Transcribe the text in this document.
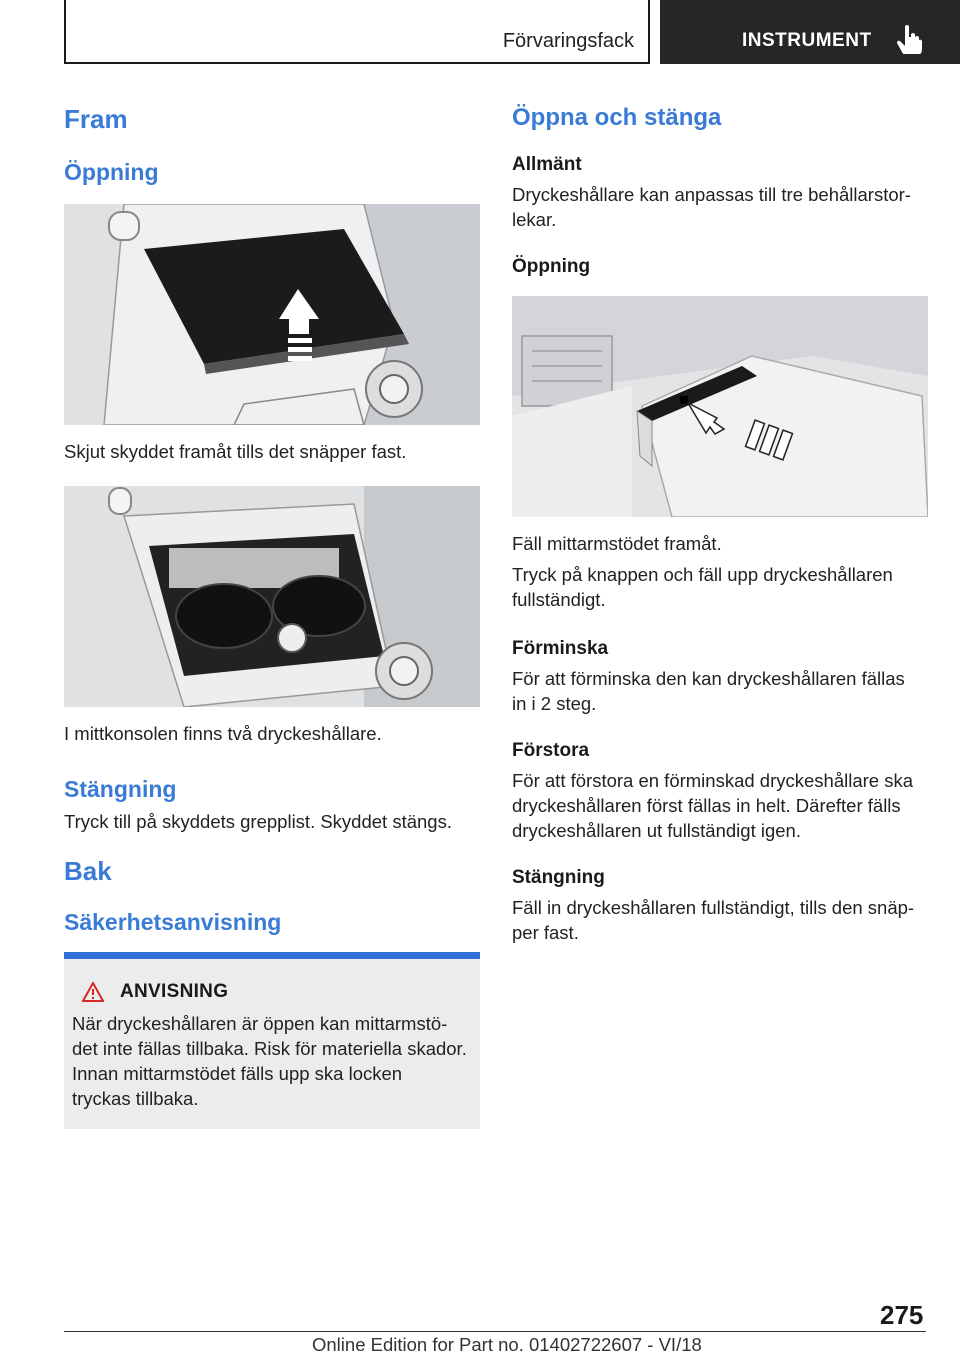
Förvaringsfack	INSTRUMENT
Fram
Öppning

Skjut skyddet framåt tills det snäpper fast.

I mittkonsolen finns två dryckeshållare.

Stängning

Tryck till på skyddets grepplist. Skyddet stängs.

Bak
Säkerhetsanvisning
ANVISNING
När dryckeshållaren är öppen kan mittarmstö-
det inte fällas tillbaka. Risk för materiella skador.
Innan mittarmstödet fälls upp ska locken
tryckas tillbaka.
Öppna och stänga
Allmänt

Dryckeshållare kan anpassas till tre behållarstor-
lekar.

Öppning

Fäll mittarmstödet framåt.

Tryck på knappen och fäll upp dryckeshållaren
fullständigt.

Förminska

För att förminska den kan dryckeshållaren fällas
in i 2 steg.

Förstora

För att förstora en förminskad dryckeshållare ska
dryckeshållaren först fällas in helt. Därefter fälls
dryckeshållaren ut fullständigt igen.

Stängning

Fäll in dryckeshållaren fullständigt, tills den snäp-
per fast.

275
Online Edition for Part no. 01402722607 - VI/18
